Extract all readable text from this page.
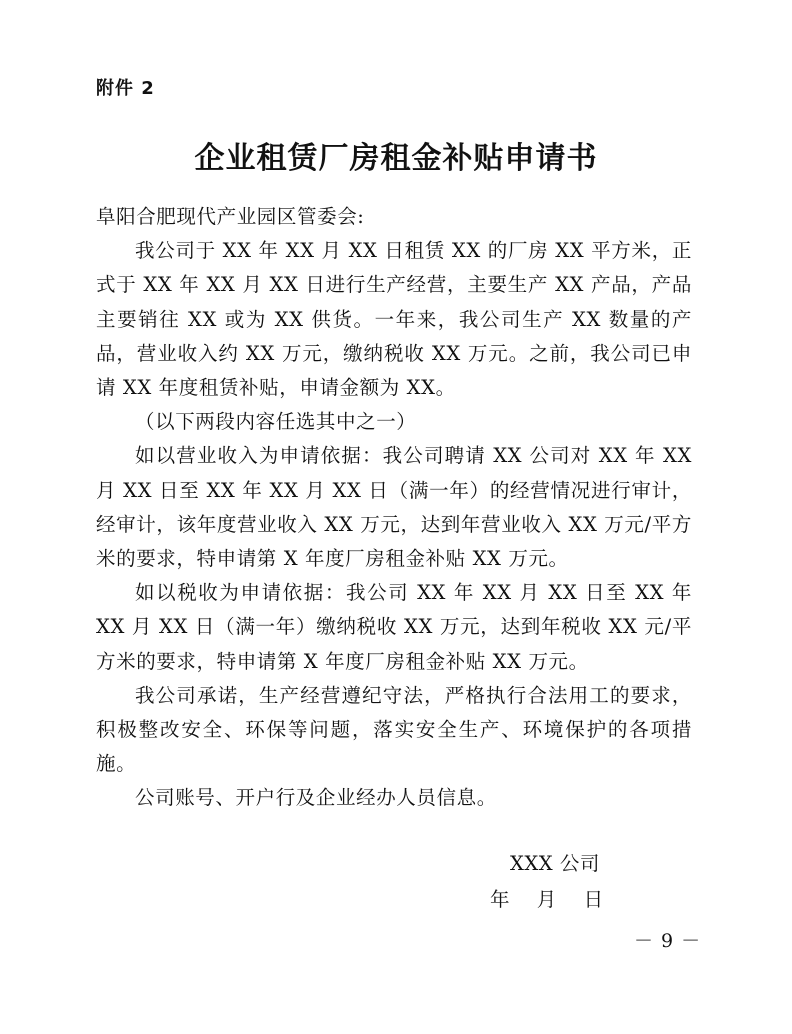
附件 2
企业租赁厂房租金补贴申请书

阜阳合肥现代产业园区管委会:

我公司于 XX 年 XX 月 XX 日租赁 XX 的厂房 XX 平方米，正式于 XX 年 XX 月 XX 日进行生产经营，主要生产 XX 产品，产品主要销往 XX 或为 XX 供货。一年来，我公司生产 XX 数量的产品，营业收入约 XX 万元，缴纳税收 XX 万元。之前，我公司已申请 XX 年度租赁补贴，申请金额为 XX。

（以下两段内容任选其中之一）

如以营业收入为申请依据：我公司聘请 XX 公司对 XX 年 XX 月 XX 日至 XX 年 XX 月 XX 日（满一年）的经营情况进行审计，经审计，该年度营业收入 XX 万元，达到年营业收入 XX 万元/平方米的要求，特申请第 X 年度厂房租金补贴 XX 万元。

如以税收为申请依据：我公司 XX 年 XX 月 XX 日至 XX 年 XX 月 XX 日（满一年）缴纳税收 XX 万元，达到年税收 XX 元/平方米的要求，特申请第 X 年度厂房租金补贴 XX 万元。

我公司承诺，生产经营遵纪守法，严格执行合法用工的要求，积极整改安全、环保等问题，落实安全生产、环境保护的各项措施。

公司账号、开户行及企业经办人员信息。

XXX 公司
年    月    日
－ 9 －
